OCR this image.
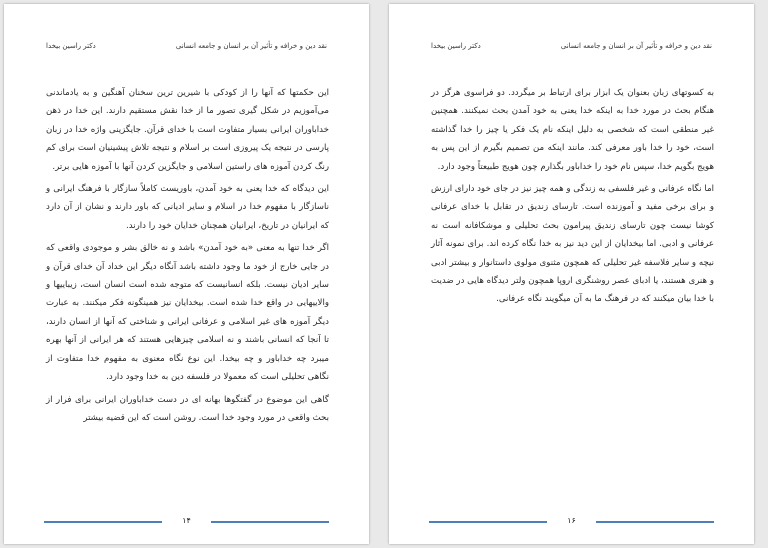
نقد دین و خرافه و تأثیر آن بر انسان و جامعه انسانی
دکتر راسین بیخدا

این حکمتها که آنها را از کودکی با شیرین ترین سخنان آهنگین و به یادماندنی می‌آموزیم در شکل گیری تصور ما از خدا نقش مستقیم دارند. این خدا در ذهن خداباوران ایرانی بسیار متفاوت است با خدای قرآن. جایگزینی واژه خدا در زبان پارسی در نتیجه یک پیروزی است بر اسلام و نتیجه تلاش پیشینیان است برای کم رنگ کردن آموزه های راستین اسلامی و جایگزین کردن آنها با آموزه هایی برتر.

این دیدگاه که خدا یعنی به خود آمدن، باوریست کاملاً سازگار با فرهنگ ایرانی و ناسازگار با مفهوم خدا در اسلام و سایر ادیانی که باور دارند و نشان از آن دارد که ایرانیان در تاریخ، ایرانیان همچنان خدایان خود را دارند.

اگر خدا تنها به معنی «به خود آمدن» باشد و نه خالق بشر و موجودی واقعی که در جایی خارج از خود ما وجود داشته باشد آنگاه دیگر این خداد آن خدای قرآن و سایر ادیان نیست. بلکه انسانیست که متوجه شده است انسان است، زیباییها و والاییهایی در واقع خدا شده است. بیخدایان نیز همینگونه فکر میکنند. به عبارت دیگر آموزه های غیر اسلامی و عرفانی ایرانی و شناختی که آنها از انسان دارند، تا آنجا که انسانی باشند و نه اسلامی چیزهایی هستند که هر ایرانی از آنها بهره میبرد چه خداباور و چه بیخدا. این نوع نگاه معنوی به مفهوم خدا متفاوت از نگاهی تحلیلی است که معمولا در فلسفه دین به خدا وجود دارد.

گاهی این موضوع در گفتگوها بهانه ای در دست خداباوران ایرانی برای فرار از بحث واقعی در مورد وجود خدا است. روشن است که این قضیه بیشتر

۱۴
نقد دین و خرافه و تأثیر آن بر انسان و جامعه انسانی
دکتر راسین بیخدا

به کسوتهای زبان بعنوان یک ابزار برای ارتباط بر میگردد. دو فراسوی هرگز در هنگام بحث در مورد خدا به اینکه خدا یعنی به خود آمدن بحث نمیکنند. همچنین غیر منطقی است که شخصی به دلیل اینکه نام یک فکر یا چیز را خدا گذاشته است، خود را خدا باور معرفی کند. مانند اینکه من تصمیم بگیرم از این پس به هویج بگویم خدا، سپس نام خود را خداباور بگذارم چون هویج طبیعتاً وجود دارد.

اما نگاه عرفانی و غیر فلسفی به زندگی و همه چیز نیز در جای خود دارای ارزش و برای برخی مفید و آموزنده است. تارسای زندیق در تقابل با خدای عرفانی کوشا نیست چون تارسای زندیق پیرامون بحث تحلیلی و موشکافانه است نه عرفانی و ادبی. اما بیخدایان از این دید نیز به خدا نگاه کرده اند. برای نمونه آثار نیچه و سایر فلاسفه غیر تحلیلی که همچون مثنوی مولوی داستانوار و بیشتر ادبی و هنری هستند، یا ادبای عصر روشنگری اروپا همچون ولتر دیدگاه هایی در ضدیت با خدا بیان میکنند که در فرهنگ ما به آن میگویند نگاه عرفانی.

۱۶
